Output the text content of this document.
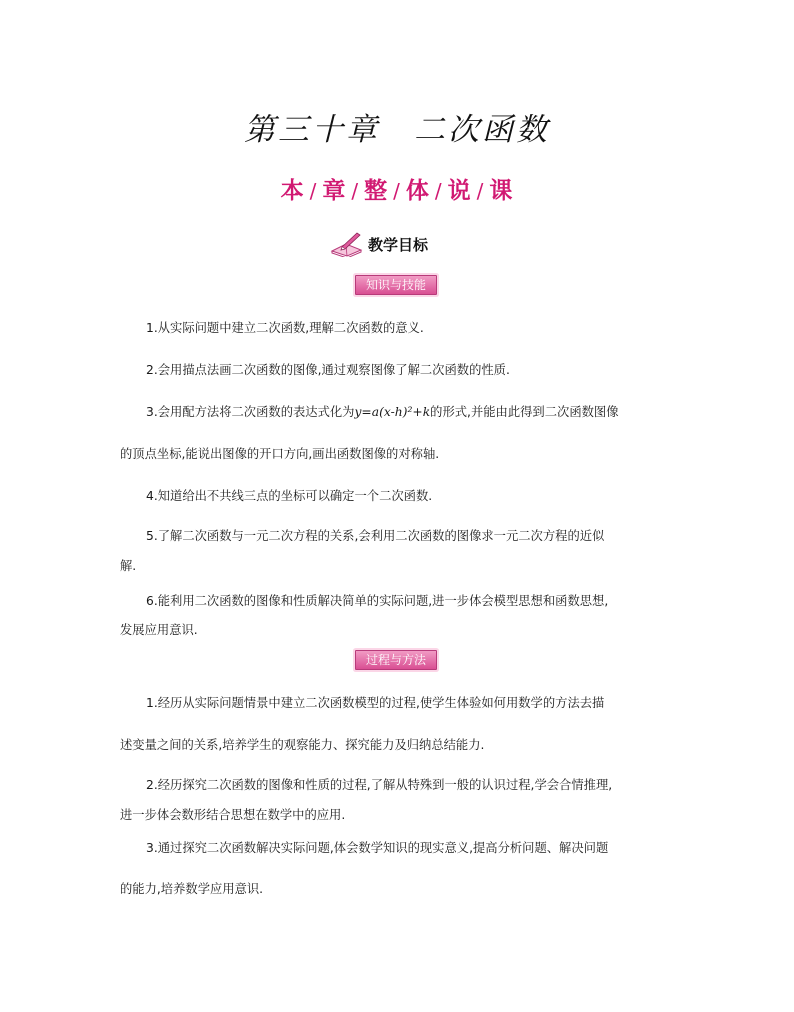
第三十章　二次函数
本 / 章 / 整 / 体 / 说 / 课
教学目标
知识与技能
1.从实际问题中建立二次函数,理解二次函数的意义.
2.会用描点法画二次函数的图像,通过观察图像了解二次函数的性质.
3.会用配方法将二次函数的表达式化为y=a(x-h)²+k的形式,并能由此得到二次函数图像
的顶点坐标,能说出图像的开口方向,画出函数图像的对称轴.
4.知道给出不共线三点的坐标可以确定一个二次函数.
5.了解二次函数与一元二次方程的关系,会利用二次函数的图像求一元二次方程的近似
解.
6.能利用二次函数的图像和性质解决简单的实际问题,进一步体会模型思想和函数思想,
发展应用意识.
过程与方法
1.经历从实际问题情景中建立二次函数模型的过程,使学生体验如何用数学的方法去描
述变量之间的关系,培养学生的观察能力、探究能力及归纳总结能力.
2.经历探究二次函数的图像和性质的过程,了解从特殊到一般的认识过程,学会合情推理,
进一步体会数形结合思想在数学中的应用.
3.通过探究二次函数解决实际问题,体会数学知识的现实意义,提高分析问题、解决问题
的能力,培养数学应用意识.
